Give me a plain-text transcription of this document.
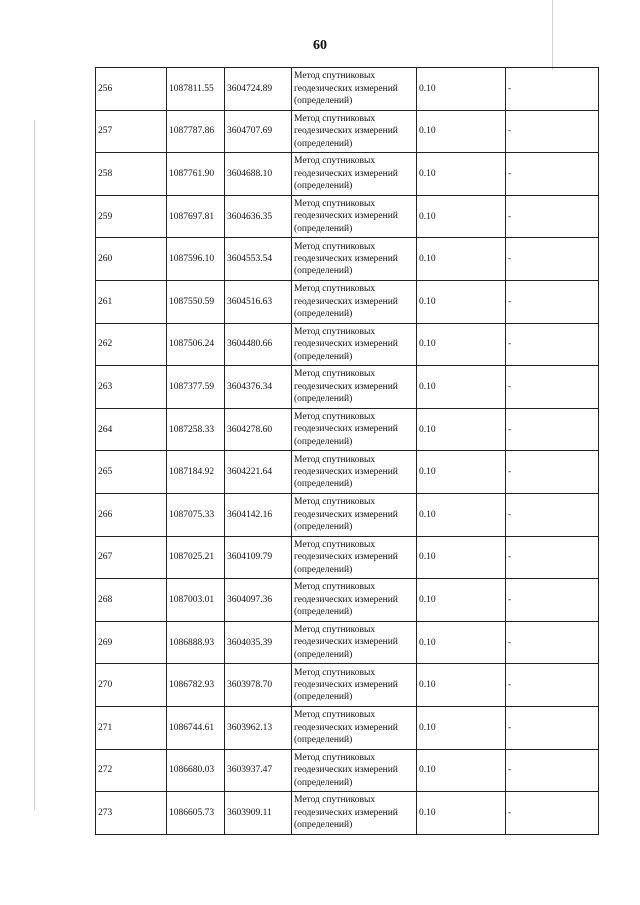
60
256	1087811.55	3604724.89	Метод спутниковых
геодезических измерений
(определений)	0.10	-
257	1087787.86	3604707.69	Метод спутниковых
геодезических измерений
(определений)	0.10	-
258	1087761.90	3604688.10	Метод спутниковых
геодезических измерений
(определений)	0.10	-
259	1087697.81	3604636.35	Метод спутниковых
геодезических измерений
(определений)	0.10	-
260	1087596.10	3604553.54	Метод спутниковых
геодезических измерений
(определений)	0.10	-
261	1087550.59	3604516.63	Метод спутниковых
геодезических измерений
(определений)	0.10	-
262	1087506.24	3604480.66	Метод спутниковых
геодезических измерений
(определений)	0.10	-
263	1087377.59	3604376.34	Метод спутниковых
геодезических измерений
(определений)	0.10	-
264	1087258.33	3604278.60	Метод спутниковых
геодезических измерений
(определений)	0.10	-
265	1087184.92	3604221.64	Метод спутниковых
геодезических измерений
(определений)	0.10	-
266	1087075.33	3604142.16	Метод спутниковых
геодезических измерений
(определений)	0.10	-
267	1087025.21	3604109.79	Метод спутниковых
геодезических измерений
(определений)	0.10	-
268	1087003.01	3604097.36	Метод спутниковых
геодезических измерений
(определений)	0.10	-
269	1086888.93	3604035.39	Метод спутниковых
геодезических измерений
(определений)	0.10	-
270	1086782.93	3603978.70	Метод спутниковых
геодезических измерений
(определений)	0.10	-
271	1086744.61	3603962.13	Метод спутниковых
геодезических измерений
(определений)	0.10	-
272	1086680.03	3603937.47	Метод спутниковых
геодезических измерений
(определений)	0.10	-
273	1086605.73	3603909.11	Метод спутниковых
геодезических измерений
(определений)	0.10	-
